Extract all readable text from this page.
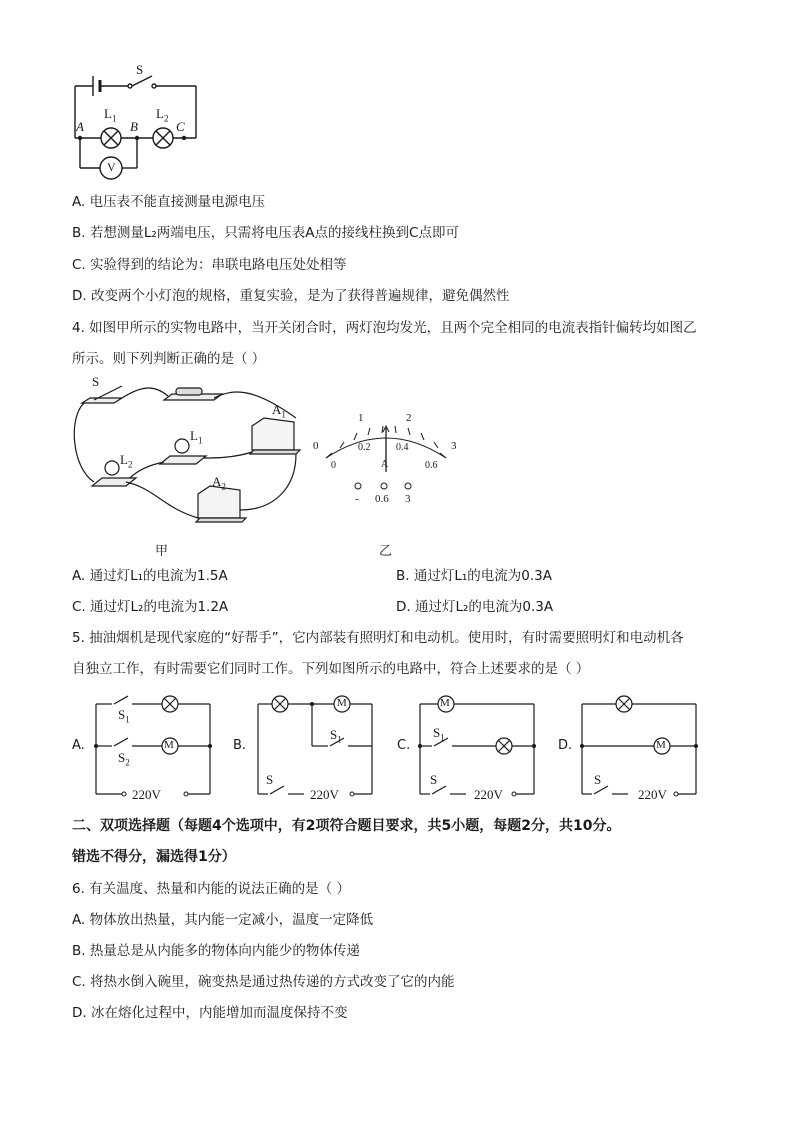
S
$L_1$	$L_2$
A	B	C
V
A. 电压表不能直接测量电源电压
B. 若想测量L₂两端电压，只需将电压表A点的接线柱换到C点即可
C. 实验得到的结论为：串联电路电压处处相等
D. 改变两个小灯泡的规格，重复实验，是为了获得普遍规律，避免偶然性
4. 如图甲所示的实物电路中，当开关闭合时，两灯泡均发光，且两个完全相同的电流表指针偏转均如图乙
所示。则下列判断正确的是（ ）
S
$L_1$
$L_2$
$A_1$
$A_2$
甲
0
1	2
3
0
0.2	0.4
0.6
A
- 0.6 3
乙
A. 通过灯L₁的电流为1.5A	B. 通过灯L₁的电流为0.3A
C. 通过灯L₂的电流为1.2A	D. 通过灯L₂的电流为0.3A
5. 抽油烟机是现代家庭的“好帮手”，它内部装有照明灯和电动机。使用时，有时需要照明灯和电动机各
自独立工作，有时需要它们同时工作。下列如图所示的电路中，符合上述要求的是（ ）
A.
$S_1$
$S_2$
M
220V
B.
$S_1$
S
M
220V
C.
$S_1$
S
M
220V
D.
S
M
220V
二、双项选择题（每题4个选项中，有2项符合题目要求，共5小题，每题2分，共10分。
错选不得分，漏选得1分）
6. 有关温度、热量和内能的说法正确的是（ ）
A. 物体放出热量，其内能一定减小，温度一定降低
B. 热量总是从内能多的物体向内能少的物体传递
C. 将热水倒入碗里，碗变热是通过热传递的方式改变了它的内能
D. 冰在熔化过程中，内能增加而温度保持不变
